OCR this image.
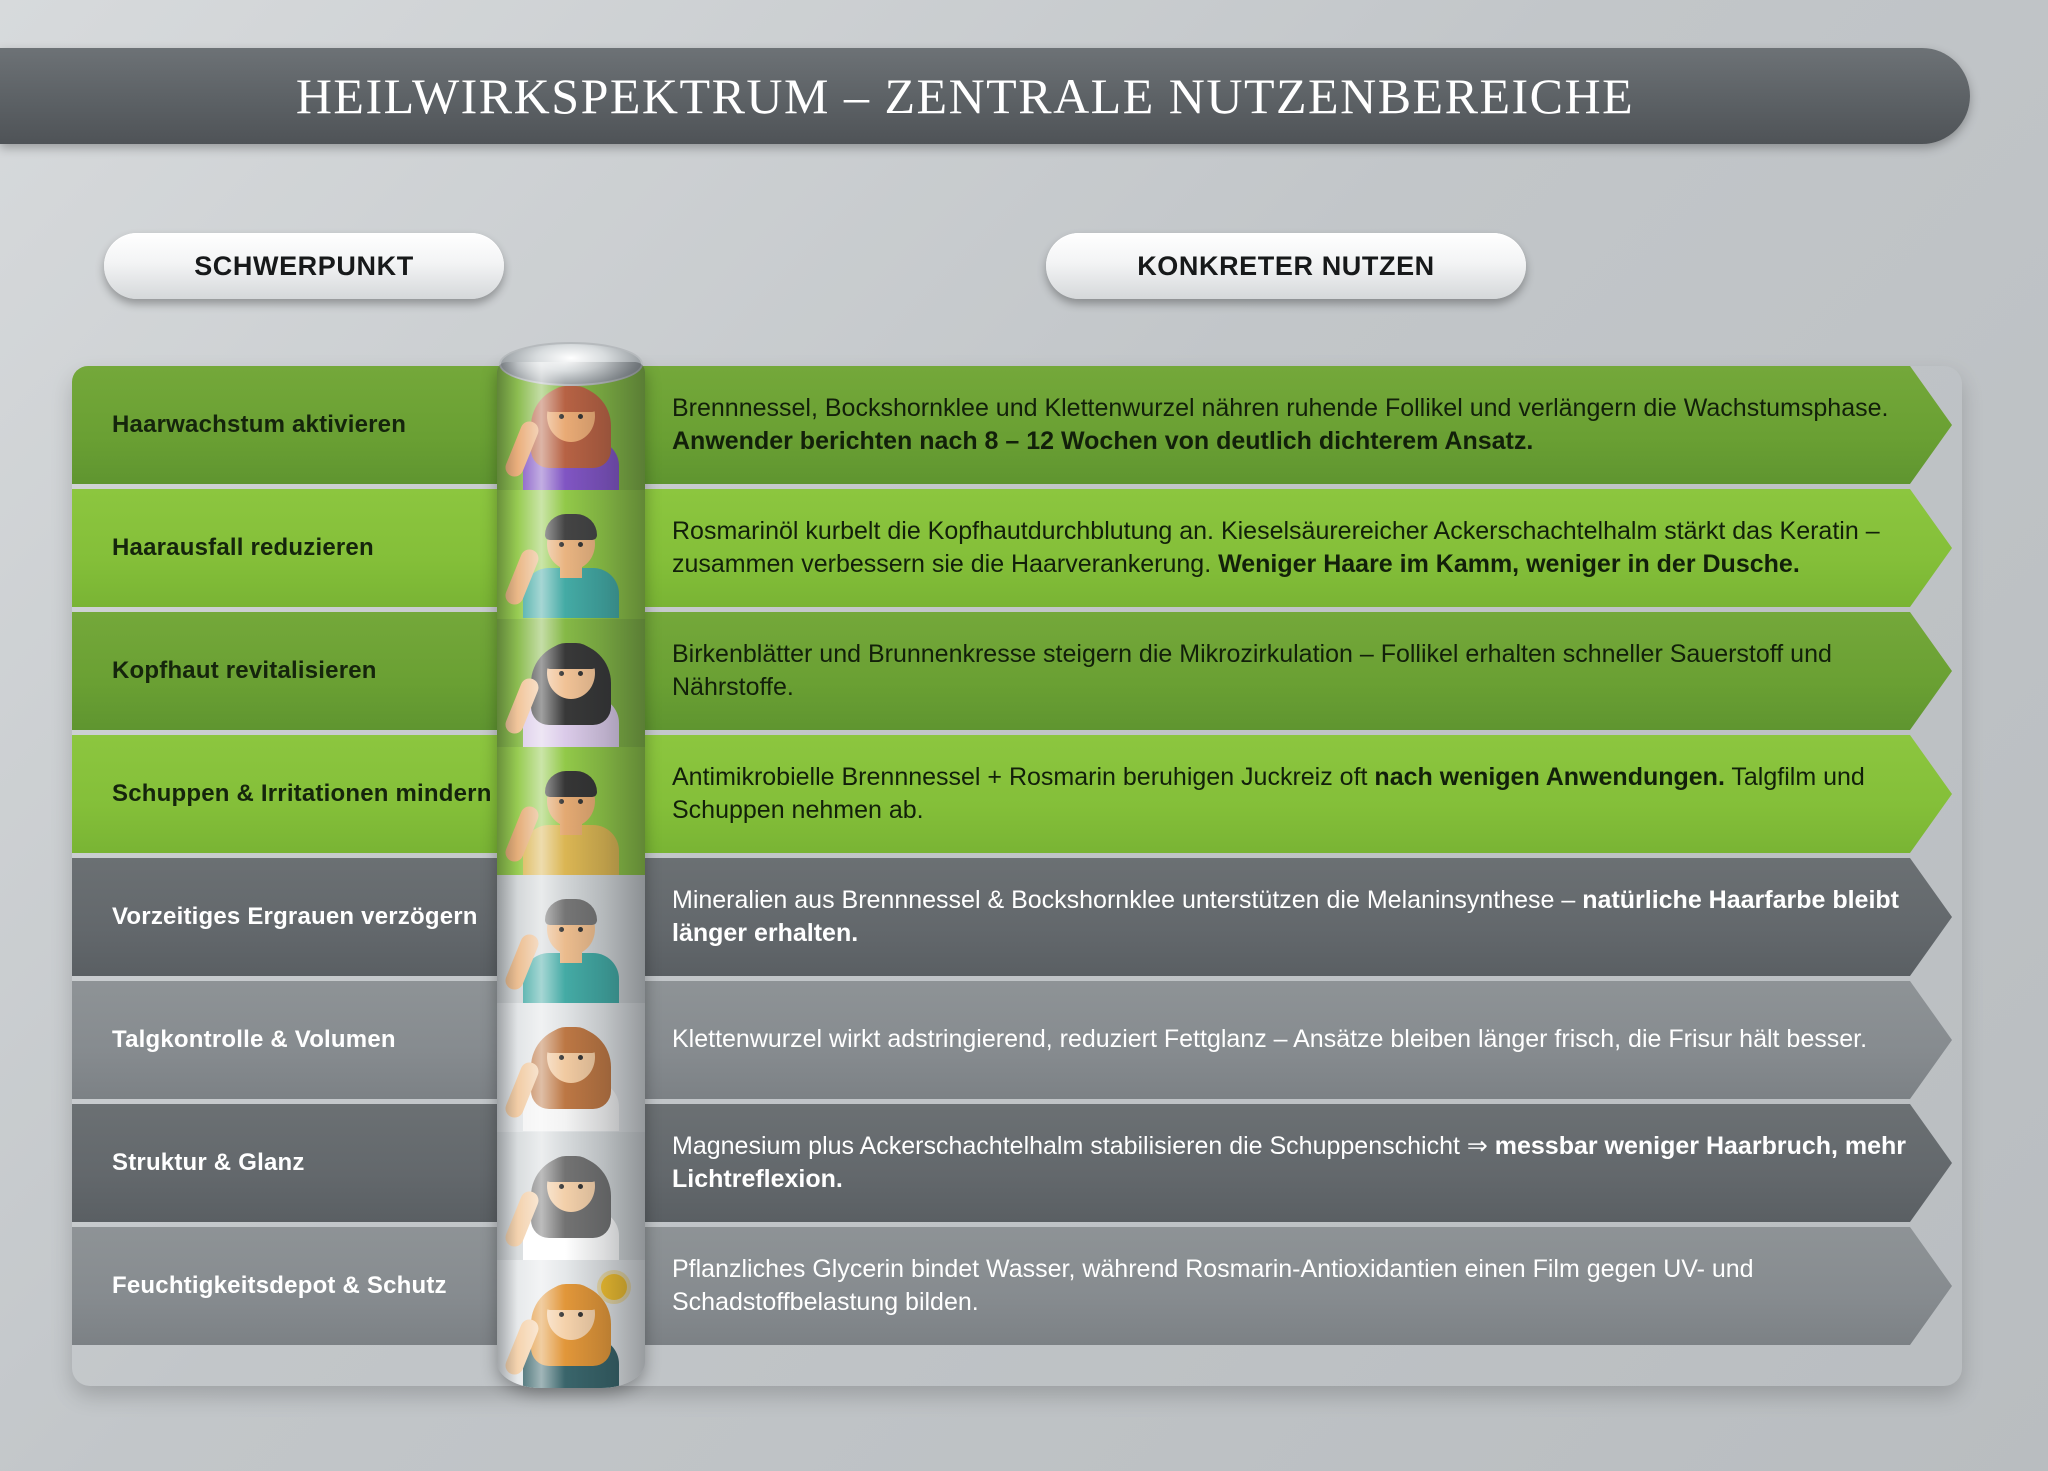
HEILWIRKSPEKTRUM – ZENTRALE NUTZENBEREICHE
SCHWERPUNKT	KONKRETER NUTZEN
Haarwachstum aktivieren
Brennnessel, Bockshornklee und Klettenwurzel nähren ruhende Follikel und verlängern die Wachstumsphase. Anwender berichten nach 8 – 12 Wochen von deutlich dichterem Ansatz.
Haarausfall reduzieren
Rosmarinöl kurbelt die Kopfhautdurchblutung an. Kieselsäurereicher Ackerschachtelhalm stärkt das Keratin – zusammen verbessern sie die Haarverankerung. Weniger Haare im Kamm, weniger in der Dusche.
Kopfhaut revitalisieren
Birkenblätter und Brunnenkresse steigern die Mikrozirkulation – Follikel erhalten schneller Sauerstoff und Nährstoffe.
Schuppen & Irritationen mindern
Antimikrobielle Brennnessel + Rosmarin beruhigen Juckreiz oft nach wenigen Anwendungen. Talgfilm und Schuppen nehmen ab.
Vorzeitiges Ergrauen verzögern
Mineralien aus Brennnessel & Bockshornklee unterstützen die Melaninsynthese – natürliche Haarfarbe bleibt länger erhalten.
Talgkontrolle & Volumen	Klettenwurzel wirkt adstringierend, reduziert Fettglanz – Ansätze bleiben länger frisch, die Frisur hält besser.
Struktur & Glanz
Magnesium plus Ackerschachtelhalm stabilisieren die Schuppenschicht ⇒ messbar weniger Haarbruch, mehr Lichtreflexion.
Feuchtigkeitsdepot & Schutz
Pflanzliches Glycerin bindet Wasser, während Rosmarin-Antioxidantien einen Film gegen UV- und Schadstoffbelastung bilden.
